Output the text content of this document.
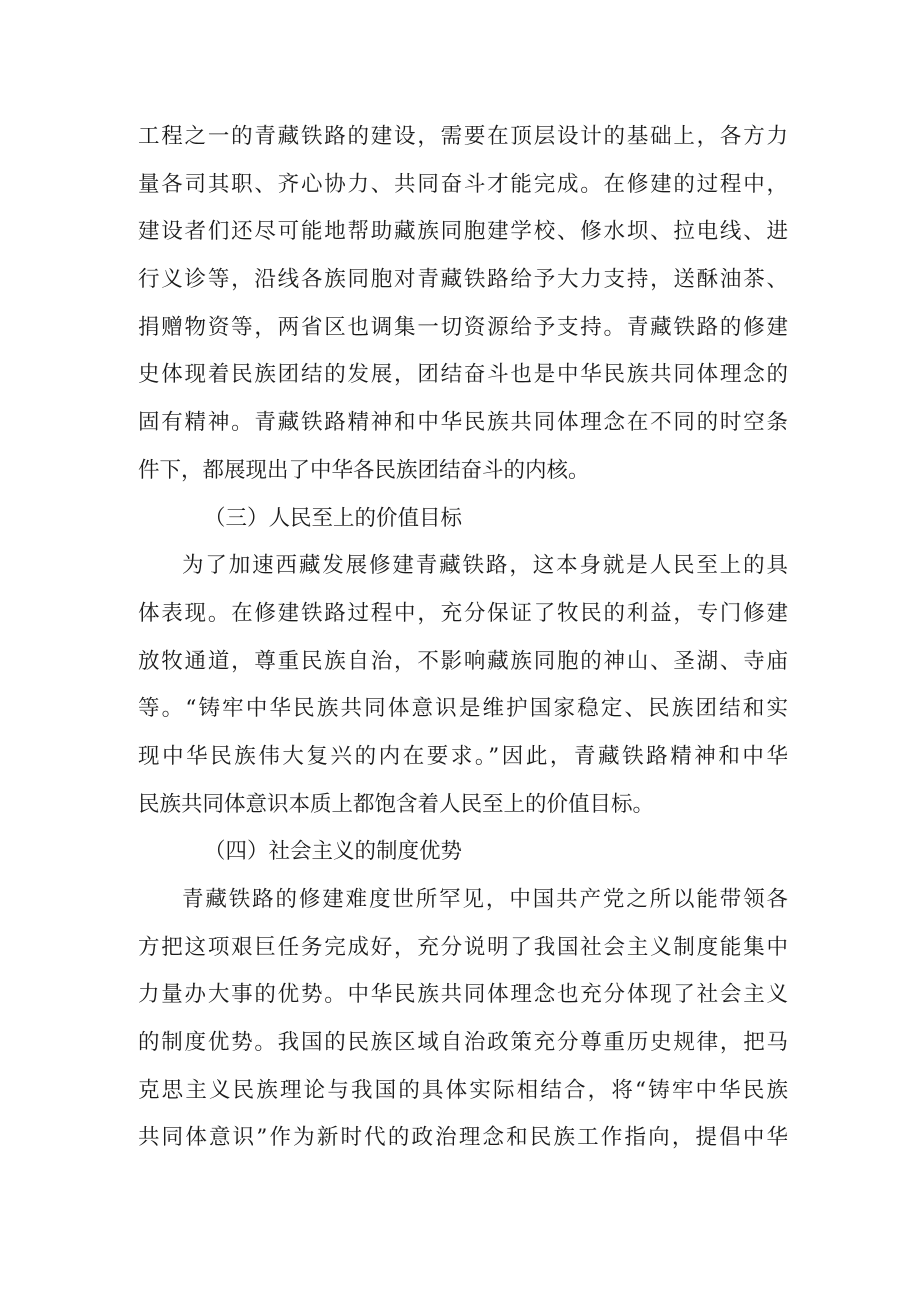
工程之一的青藏铁路的建设，需要在顶层设计的基础上，各方力
量各司其职、齐心协力、共同奋斗才能完成。在修建的过程中，
建设者们还尽可能地帮助藏族同胞建学校、修水坝、拉电线、进
行义诊等，沿线各族同胞对青藏铁路给予大力支持，送酥油茶、
捐赠物资等，两省区也调集一切资源给予支持。青藏铁路的修建
史体现着民族团结的发展，团结奋斗也是中华民族共同体理念的
固有精神。青藏铁路精神和中华民族共同体理念在不同的时空条
件下，都展现出了中华各民族团结奋斗的内核。
（三）人民至上的价值目标
为了加速西藏发展修建青藏铁路，这本身就是人民至上的具
体表现。在修建铁路过程中，充分保证了牧民的利益，专门修建
放牧通道，尊重民族自治，不影响藏族同胞的神山、圣湖、寺庙
等。“铸牢中华民族共同体意识是维护国家稳定、民族团结和实
现中华民族伟大复兴的内在要求。”因此，青藏铁路精神和中华
民族共同体意识本质上都饱含着人民至上的价值目标。
（四）社会主义的制度优势
青藏铁路的修建难度世所罕见，中国共产党之所以能带领各
方把这项艰巨任务完成好，充分说明了我国社会主义制度能集中
力量办大事的优势。中华民族共同体理念也充分体现了社会主义
的制度优势。我国的民族区域自治政策充分尊重历史规律，把马
克思主义民族理论与我国的具体实际相结合，将“铸牢中华民族
共同体意识”作为新时代的政治理念和民族工作指向，提倡中华
